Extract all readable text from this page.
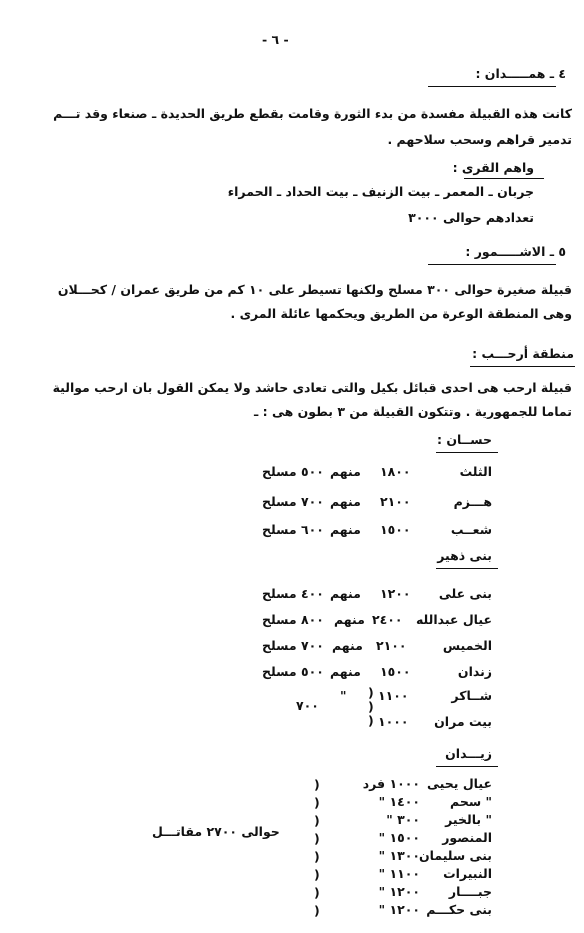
- ٦ -
٤ ـ همـــــدان :
كانت هذه القبيلة مفسدة من بدء الثورة وقامت بقطع طريق الحديدة ـ صنعاء وقد تـــم
تدمير قراهم وسحب سلاحهم .
واهم القرى :
جربان ـ المعمر ـ بيت الزنيف ـ بيت الحداد ـ الحمراء
تعدادهم حوالى ٣٠٠٠
٥ ـ الاشـــــمور :
قبيلة صغيرة حوالى ٣٠٠ مسلح ولكنها تسيطر على ١٠ كم من طريق عمران / كحـــلان
وهى المنطقة الوعرة من الطريق ويحكمها عائلة المرى .
منطقة أرحـــب :
قبيلة ارحب هى احدى قبائل بكيل والتى تعادى حاشد ولا يمكن القول بان ارحب موالية
تماما للجمهورية . وتتكون القبيلة من ٣ بطون هى : ـ
حســان :
الثلث
١٨٠٠
منهم
٥٠٠ مسلح
هـــزم
٢١٠٠
منهم
٧٠٠ مسلح
شعــب
١٥٠٠
منهم
٦٠٠ مسلح
بنى ذهير
بنى على
١٢٠٠
منهم
٤٠٠ مسلح
عيال عبدالله
٢٤٠٠
منهم
٨٠٠ مسلح
الخميس
٢١٠٠
منهم
٧٠٠ مسلح
زندان
١٥٠٠
منهم
٥٠٠ مسلح
شــاكر
١١٠٠
)
)
)
"
٧٠٠
بيت مران
١٠٠٠
زيـــدان
عيال يحيى
١٠٠٠ فرد
" سحم
١٤٠٠ "
" بالخير
٣٠٠ "
المنصور
١٥٠٠ "
بنى سليمان
١٣٠٠ "
النبيرات
١١٠٠ "
جبــــار
١٢٠٠ "
بنى حكـــم
١٢٠٠ "
)
)
)
)
)
)
)
)
حوالى ٢٧٠٠ مقاتـــل
